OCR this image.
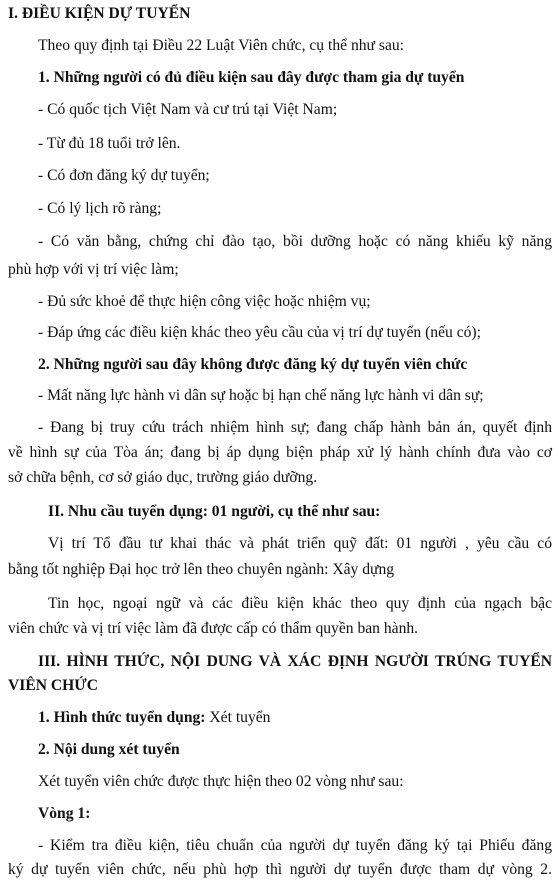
I. ĐIỀU KIỆN DỰ TUYỂN
Theo quy định tại Điều 22 Luật Viên chức, cụ thể như sau:
1. Những người có đủ điều kiện sau đây được tham gia dự tuyển
- Có quốc tịch Việt Nam và cư trú tại Việt Nam;
- Từ đủ 18 tuổi trở lên.
- Có đơn đăng ký dự tuyển;
- Có lý lịch rõ ràng;
- Có văn bằng, chứng chỉ đào tạo, bồi dưỡng hoặc có năng khiếu kỹ năng
phù hợp với vị trí việc làm;
- Đủ sức khoẻ để thực hiện công việc hoặc nhiệm vụ;
- Đáp ứng các điều kiện khác theo yêu cầu của vị trí dự tuyển (nếu có);
2. Những người sau đây không được đăng ký dự tuyển viên chức
- Mất năng lực hành vi dân sự hoặc bị hạn chế năng lực hành vi dân sự;
- Đang bị truy cứu trách nhiệm hình sự; đang chấp hành bản án, quyết định
về hình sự của Tòa án; đang bị áp dụng biện pháp xử lý hành chính đưa vào cơ
sở chữa bệnh, cơ sở giáo dục, trường giáo dưỡng.
II. Nhu cầu tuyển dụng: 01 người, cụ thể như sau:
Vị trí Tổ đầu tư khai thác và phát triển quỹ đất: 01 người , yêu cầu có
bằng tốt nghiệp Đại học trở lên theo chuyên ngành: Xây dựng
Tin học, ngoại ngữ và các điều kiện khác theo quy định của ngạch bậc
viên chức và vị trí việc làm đã được cấp có thẩm quyền ban hành.
III. HÌNH THỨC, NỘI DUNG VÀ XÁC ĐỊNH NGƯỜI TRÚNG TUYỂN
VIÊN CHỨC
1. Hình thức tuyển dụng: Xét tuyển
2. Nội dung xét tuyển
Xét tuyển viên chức được thực hiện theo 02 vòng như sau:
Vòng 1:
- Kiểm tra điều kiện, tiêu chuẩn của người dự tuyển đăng ký tại Phiếu đăng
ký dự tuyển viên chức, nếu phù hợp thì người dự tuyển được tham dự vòng 2.
